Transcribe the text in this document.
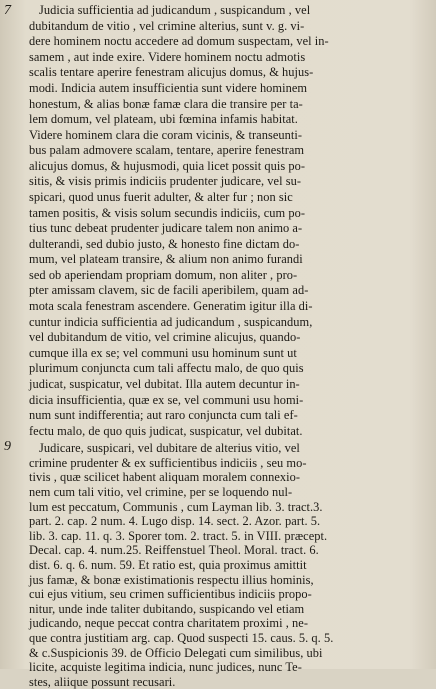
7 Judicia sufficientia ad judicandum , suspicandum , vel
dubitandum de vitio , vel crimine alterius, sunt v. g. vi-
dere hominem noctu accedere ad domum suspectam, vel in-
samem , aut inde exire. Videre hominem noctu admotis
scalis tentare aperire fenestram alicujus domus, & hujus-
modi. Indicia autem insufficientia sunt videre hominem
honestum, & alias bonæ famæ clara die transire per ta-
lem domum, vel plateam, ubi fœmina infamis habitat.
Videre hominem clara die coram vicinis, & transeunti-
bus palam admovere scalam, tentare, aperire fenestram
alicujus domus, & hujusmodi, quia licet possit quis po-
sitis, & visis primis indiciis prudenter judicare, vel su-
spicari, quod unus fuerit adulter, & alter fur ; non sic
tamen positis, & visis solum secundis indiciis, cum po-
tius tunc debeat prudenter judicare talem non animo a-
dulterandi, sed dubio justo, & honesto fine dictam do-
mum, vel plateam transire, & alium non animo furandi
sed ob aperiendam propriam domum, non aliter , pro-
pter amissam clavem, sic de facili aperibilem, quam ad-
mota scala fenestram ascendere. Generatim igitur illa di-
cuntur indicia sufficientia ad judicandum , suspicandum,
vel dubitandum de vitio, vel crimine alicujus, quando-
cumque illa ex se; vel communi usu hominum sunt ut
plurimum conjuncta cum tali affectu malo, de quo quis
judicat, suspicatur, vel dubitat. Illa autem decuntur in-
dicia insufficientia, quæ ex se, vel communi usu homi-
num sunt indifferentia; aut raro conjuncta cum tali ef-
fectu malo, de quo quis judicat, suspicatur, vel dubitat.
9 Judicare, suspicari, vel dubitare de alterius vitio, vel
crimine prudenter & ex sufficientibus indiciis , seu mo-
tivis , quæ scilicet habent aliquam moralem connexio-
nem cum tali vitio, vel crimine, per se loquendo nul-
lum est peccatum, Communis , cum Layman lib. 3. tract.3.
part. 2. cap. 2 num. 4. Lugo disp. 14. sect. 2. Azor. part. 5.
lib. 3. cap. 11. q. 3. Sporer tom. 2. tract. 5. in VIII. præcept.
Decal. cap. 4. num.25. Reiffenstuel Theol. Moral. tract. 6.
dist. 6. q. 6. num. 59. Et ratio est, quia proximus amittit
jus famæ, & bonæ existimationis respectu illius hominis,
cui ejus vitium, seu crimen sufficientibus indiciis propo-
nitur, unde inde taliter dubitando, suspicando vel etiam
judicando, neque peccat contra charitatem proximi , ne-
que contra justitiam arg. cap. Quod suspecti 15. caus. 5. q. 5.
& c.Suspicionis 39. de Officio Delegati cum similibus, ubi
licite, acquiste legitima indicia, nunc judices, nunc Te-
stes, aliique possunt recusari.
